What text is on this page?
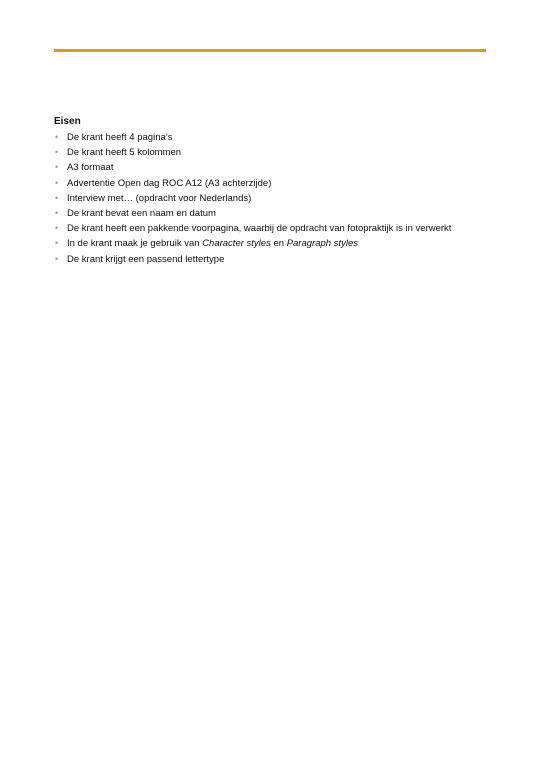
Eisen
• De krant heeft 4 pagina’s
• De krant heeft 5 kolommen
• A3 formaat
• Advertentie Open dag ROC A12 (A3 achterzijde)
• Interview met… (opdracht voor Nederlands)
• De krant bevat een naam en datum
• De krant heeft een pakkende voorpagina, waarbij de opdracht van fotopraktijk is in verwerkt
• In de krant maak je gebruik van Character styles en Paragraph styles
• De krant krijgt een passend lettertype
